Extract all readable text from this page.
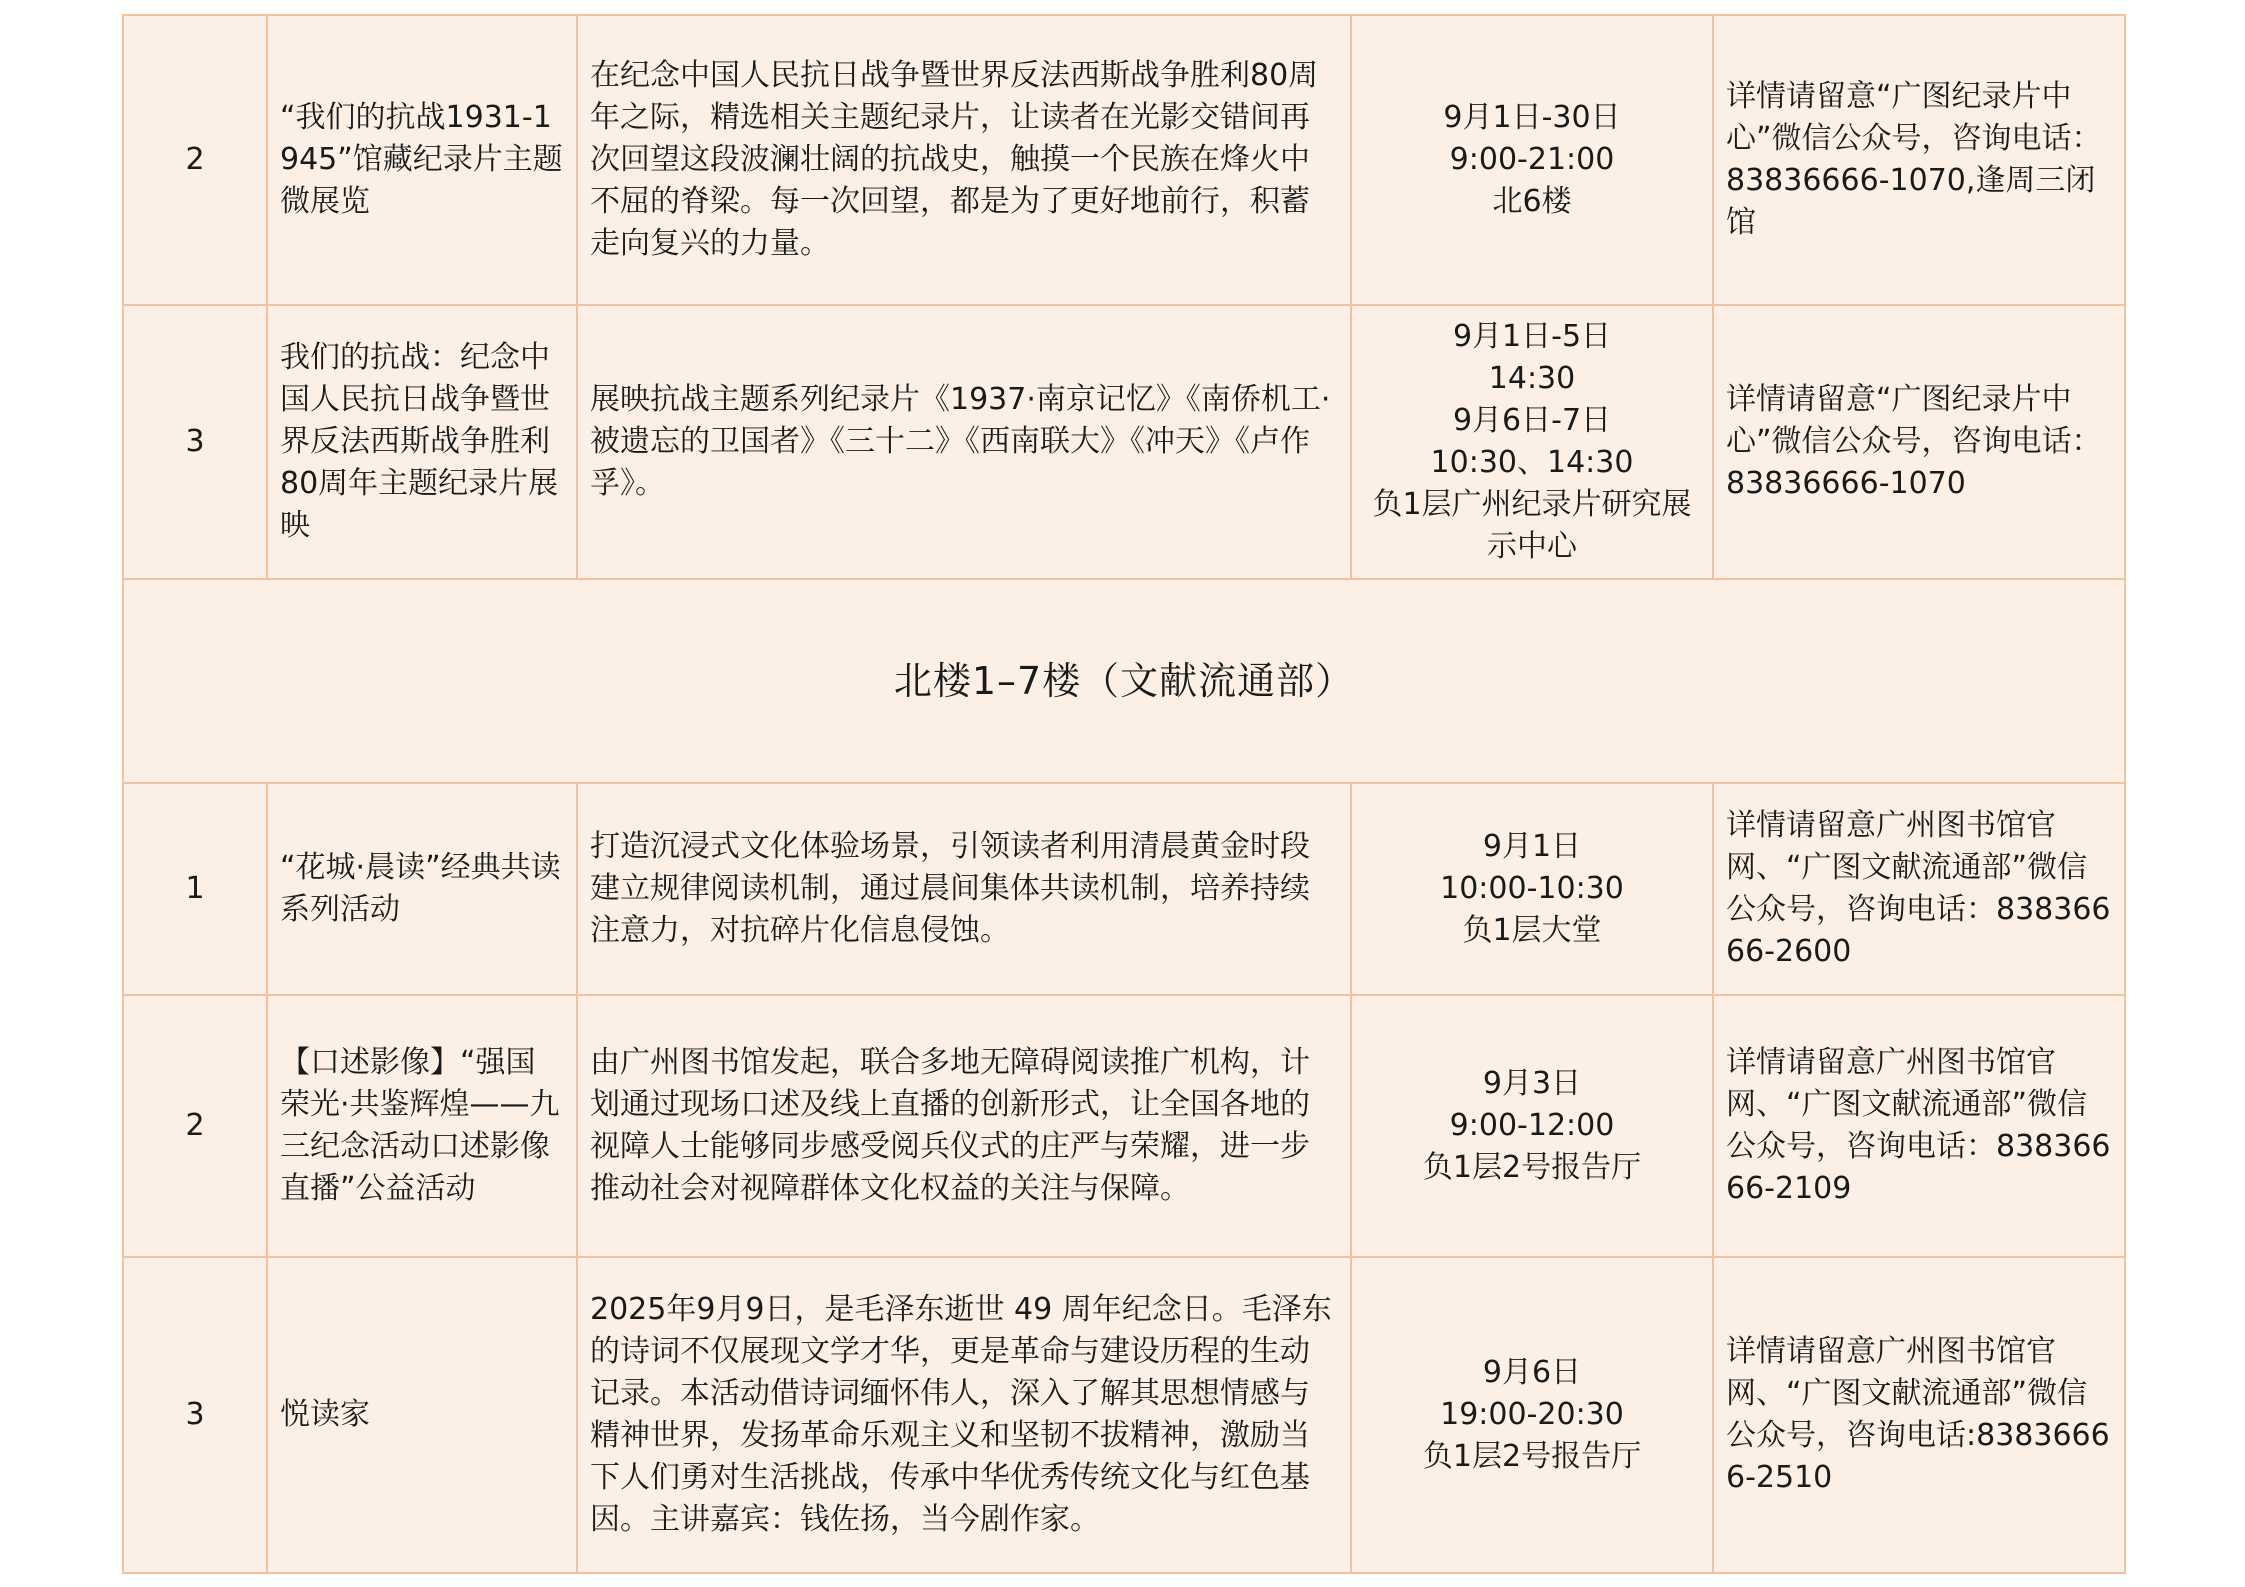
2	“我们的抗战1931-1945”馆藏纪录片主题微展览	在纪念中国人民抗日战争暨世界反法西斯战争胜利80周年之际，精选相关主题纪录片，让读者在光影交错间再次回望这段波澜壮阔的抗战史，触摸一个民族在烽火中不屈的脊梁。每一次回望，都是为了更好地前行，积蓄走向复兴的力量。	9月1日-30日
9:00-21:00
北6楼	详情请留意“广图纪录片中心”微信公众号，咨询电话：83836666-1070,逢周三闭馆
3	我们的抗战：纪念中国人民抗日战争暨世界反法西斯战争胜利80周年主题纪录片展映	展映抗战主题系列纪录片《1937·南京记忆》《南侨机工·被遗忘的卫国者》《三十二》《西南联大》《冲天》《卢作孚》。	9月1日-5日
14:30
9月6日-7日
10:30、14:30
负1层广州纪录片研究展示中心	详情请留意“广图纪录片中心”微信公众号，咨询电话：83836666-1070
北楼1–7楼（文献流通部）				
1	“花城·晨读”经典共读系列活动	打造沉浸式文化体验场景，引领读者利用清晨黄金时段建立规律阅读机制，通过晨间集体共读机制，培养持续注意力，对抗碎片化信息侵蚀。	9月1日
10:00-10:30
负1层大堂	详情请留意广州图书馆官网、“广图文献流通部”微信公众号，咨询电话：83836666-2600
2	【口述影像】“强国荣光·共鉴辉煌——九三纪念活动口述影像直播”公益活动	由广州图书馆发起，联合多地无障碍阅读推广机构，计划通过现场口述及线上直播的创新形式，让全国各地的视障人士能够同步感受阅兵仪式的庄严与荣耀，进一步推动社会对视障群体文化权益的关注与保障。	9月3日
9:00-12:00
负1层2号报告厅	详情请留意广州图书馆官网、“广图文献流通部”微信公众号，咨询电话：83836666-2109
3	悦读家	2025年9月9日，是毛泽东逝世 49 周年纪念日。毛泽东的诗词不仅展现文学才华，更是革命与建设历程的生动记录。本活动借诗词缅怀伟人，深入了解其思想情感与精神世界，发扬革命乐观主义和坚韧不拔精神，激励当下人们勇对生活挑战，传承中华优秀传统文化与红色基因。主讲嘉宾：钱佐扬，当今剧作家。	9月6日
19:00-20:30
负1层2号报告厅	详情请留意广州图书馆官网、“广图文献流通部”微信公众号，咨询电话:83836666-2510
